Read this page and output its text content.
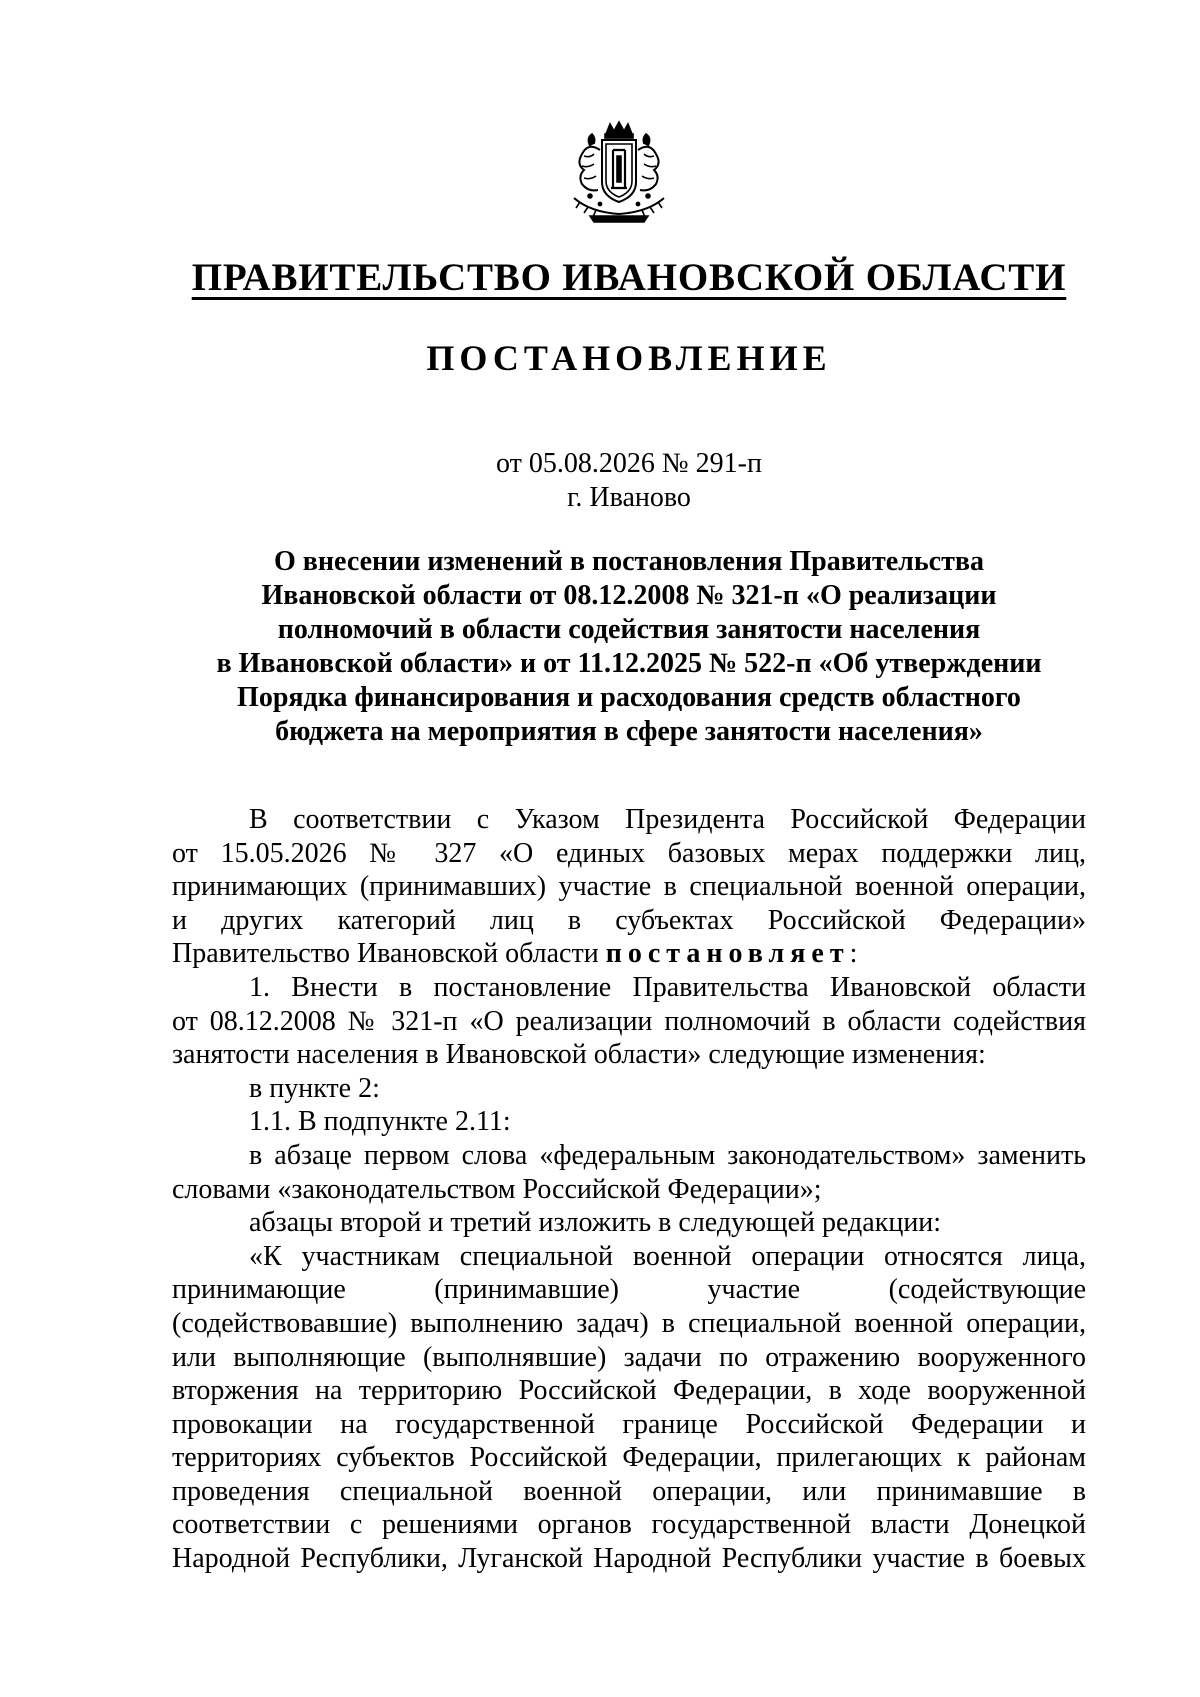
ПРАВИТЕЛЬСТВО ИВАНОВСКОЙ ОБЛАСТИ
ПОСТАНОВЛЕНИЕ
от 05.08.2026 № 291-п
г. Иваново
О внесении изменений в постановления Правительства
Ивановской области от 08.12.2008 № 321-п «О реализации
полномочий в области содействия занятости населения
в Ивановской области» и от 11.12.2025 № 522-п «Об утверждении
Порядка финансирования и расходования средств областного
бюджета на мероприятия в сфере занятости населения»
В соответствии с Указом Президента Российской Федерации
от 15.05.2026 № 327 «О единых базовых мерах поддержки лиц,
принимающих (принимавших) участие в специальной военной операции,
и других категорий лиц в субъектах Российской Федерации»
Правительство Ивановской области постановляет:
1. Внести в постановление Правительства Ивановской области
от 08.12.2008 № 321-п «О реализации полномочий в области содействия
занятости населения в Ивановской области» следующие изменения:
в пункте 2:
1.1. В подпункте 2.11:
в абзаце первом слова «федеральным законодательством» заменить
словами «законодательством Российской Федерации»;
абзацы второй и третий изложить в следующей редакции:
«К участникам специальной военной операции относятся лица,
принимающие (принимавшие) участие (содействующие
(содействовавшие) выполнению задач) в специальной военной операции,
или выполняющие (выполнявшие) задачи по отражению вооруженного
вторжения на территорию Российской Федерации, в ходе вооруженной
провокации на государственной границе Российской Федерации и
территориях субъектов Российской Федерации, прилегающих к районам
проведения специальной военной операции, или принимавшие в
соответствии с решениями органов государственной власти Донецкой
Народной Республики, Луганской Народной Республики участие в боевых
